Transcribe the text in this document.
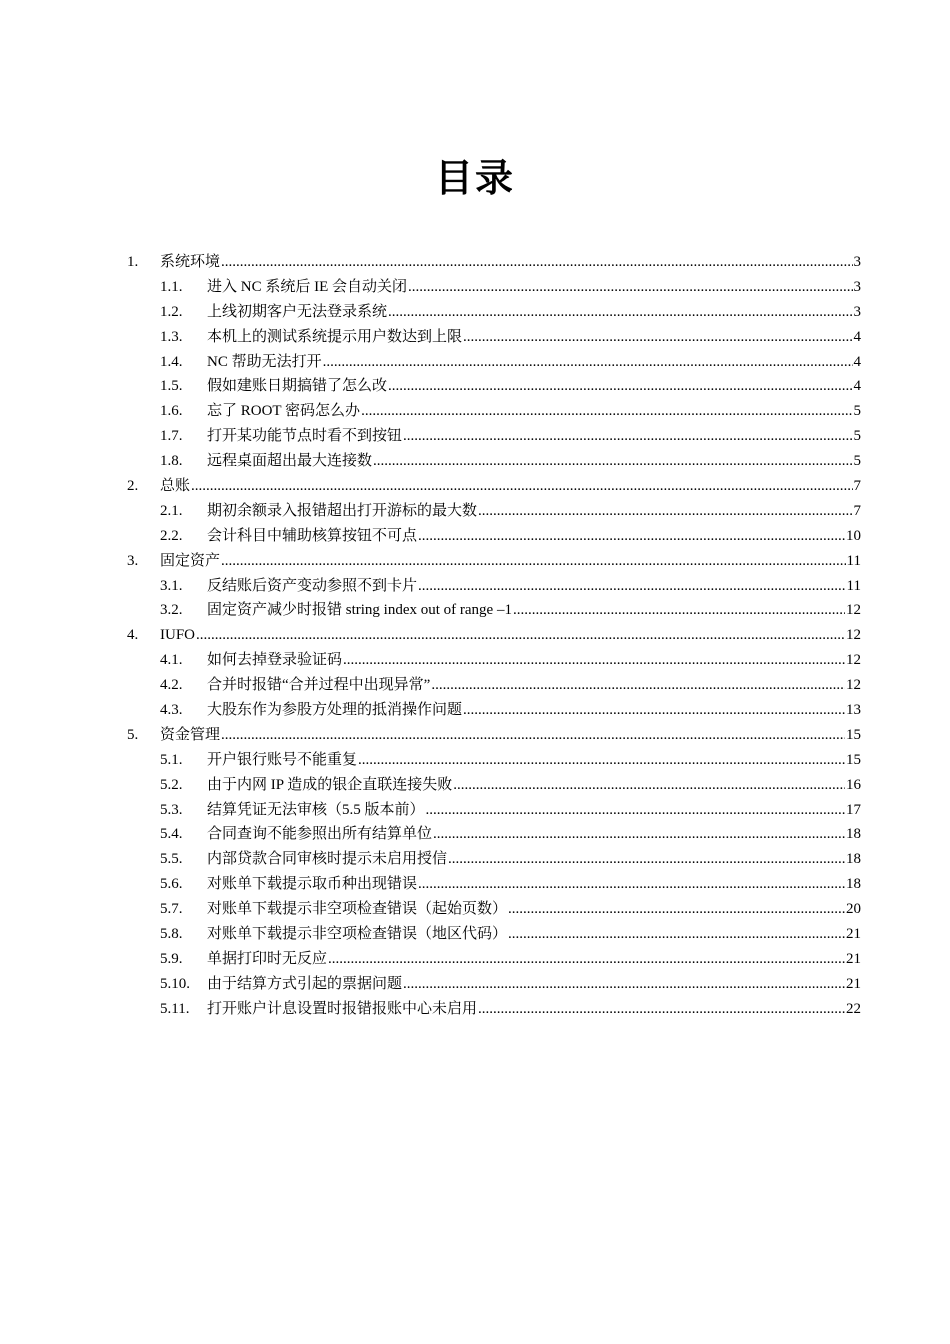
目录
1. 系统环境 .....	3
1.1. 进入 NC 系统后 IE 会自动关闭 .....	3
1.2. 上线初期客户无法登录系统 .....	3
1.3. 本机上的测试系统提示用户数达到上限 .....	4
1.4. NC 帮助无法打开 .....	4
1.5. 假如建账日期搞错了怎么改 .....	4
1.6. 忘了 ROOT 密码怎么办 .....	5
1.7. 打开某功能节点时看不到按钮 .....	5
1.8. 远程桌面超出最大连接数 .....	5
2. 总账 .....	7
2.1. 期初余额录入报错超出打开游标的最大数 .....	7
2.2. 会计科目中辅助核算按钮不可点 .....	10
3. 固定资产 .....	11
3.1. 反结账后资产变动参照不到卡片 .....	11
3.2. 固定资产减少时报错 string index out of range –1 .....	12
4. IUFO .....	12
4.1. 如何去掉登录验证码 .....	12
4.2. 合并时报错“合并过程中出现异常” .....	12
4.3. 大股东作为参股方处理的抵消操作问题 .....	13
5. 资金管理 .....	15
5.1. 开户银行账号不能重复 .....	15
5.2. 由于内网 IP 造成的银企直联连接失败 .....	16
5.3. 结算凭证无法审核（5.5 版本前） .....	17
5.4. 合同查询不能参照出所有结算单位 .....	18
5.5. 内部贷款合同审核时提示未启用授信 .....	18
5.6. 对账单下载提示取币种出现错误 .....	18
5.7. 对账单下载提示非空项检查错误（起始页数） .....	20
5.8. 对账单下载提示非空项检查错误（地区代码） .....	21
5.9. 单据打印时无反应 .....	21
5.10. 由于结算方式引起的票据问题 .....	21
5.11. 打开账户计息设置时报错报账中心未启用 .....	22
